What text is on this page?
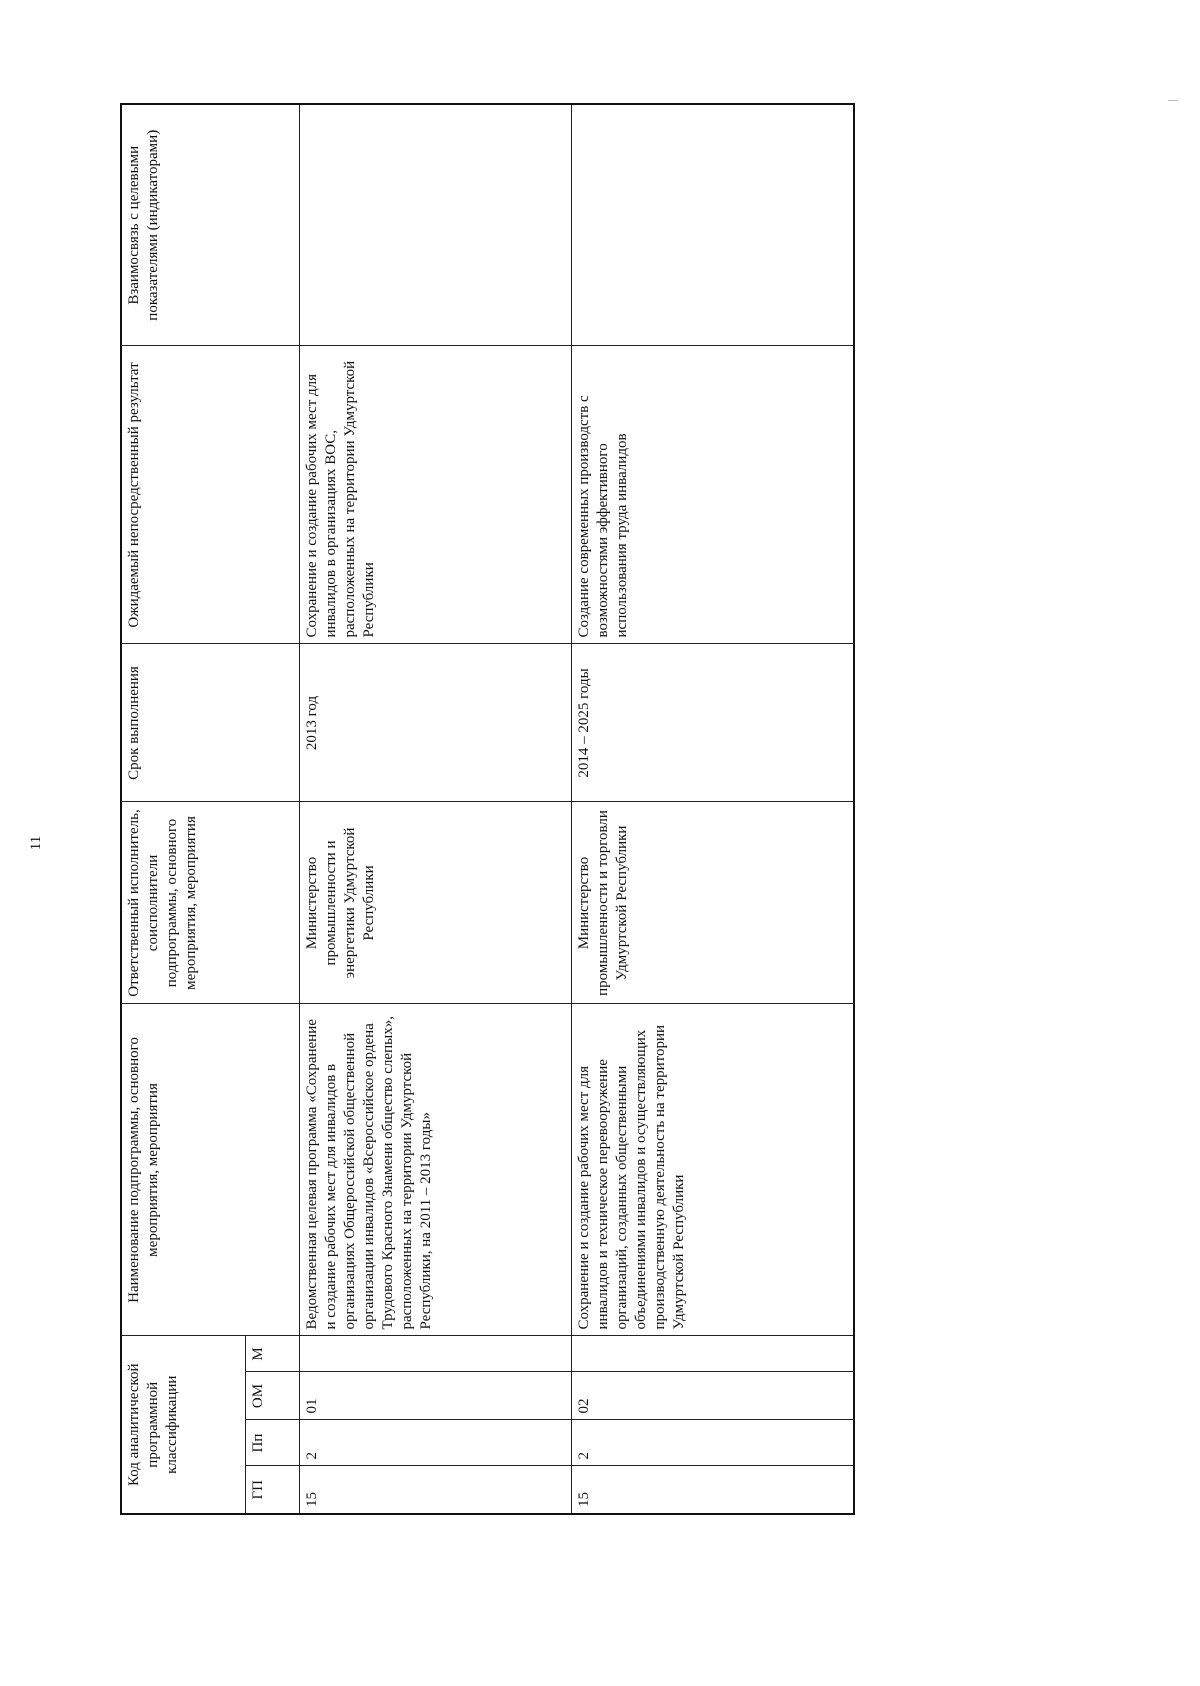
11
Код аналитической программной классификации				Наименование подпрограммы, основного мероприятия, мероприятия	Ответственный исполнитель, соисполнители подпрограммы, основного мероприятия, мероприятия	Срок выполнения	Ожидаемый непосредственный результат	Взаимосвязь с целевыми показателями (индикаторами)
ГП	Пп	ОМ	М					
15	2	01		Ведомственная целевая программа «Сохранение и создание рабочих мест для инвалидов в организациях Общероссийской общественной организации инвалидов «Всероссийское ордена Трудового Красного Знамени общество слепых», расположенных на территории Удмуртской Республики, на 2011 – 2013 годы»	Министерство промышленности и энергетики Удмуртской Республики	2013 год	Сохранение и создание рабочих мест для инвалидов в организациях ВОС, расположенных на территории Удмуртской Республики	
15	2	02		Сохранение и создание рабочих мест для инвалидов и техническое перевооружение организаций, созданных общественными объединениями инвалидов и осуществляющих производственную деятельность на территории Удмуртской Республики	Министерство промышленности и торговли Удмуртской Республики	2014 – 2025 годы	Создание современных производств с возможностями эффективного использования труда инвалидов	
